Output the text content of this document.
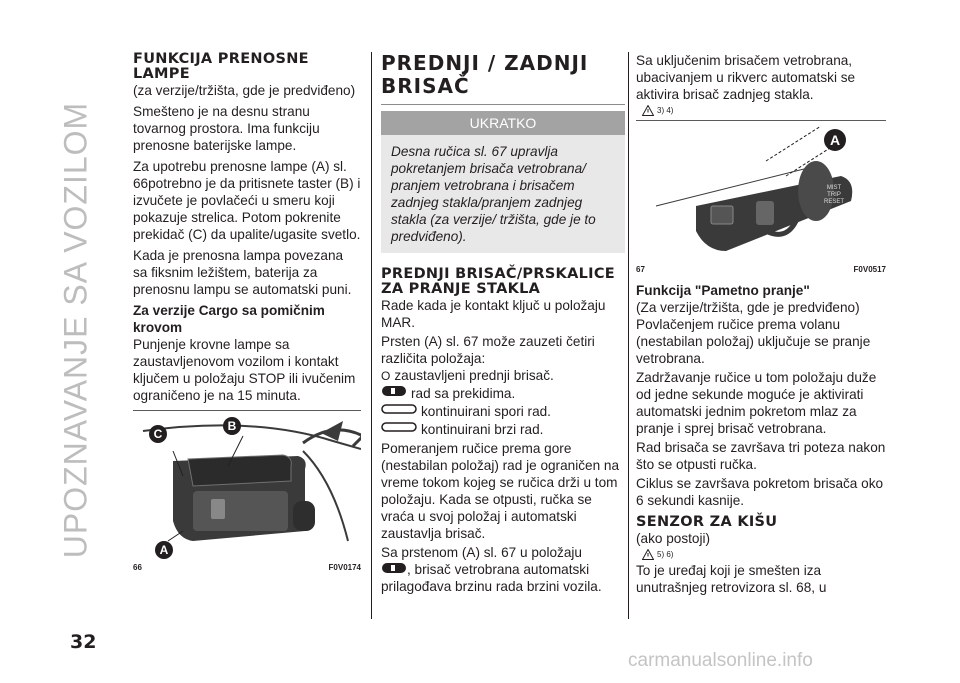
UPOZNAVANJE SA VOZILOM
FUNKCIJA PRENOSNE LAMPE

(za verzije/tržišta, gde je predviđeno)

Smešteno je na desnu stranu tovarnog prostora. Ima funkciju prenosne baterijske lampe.

Za upotrebu prenosne lampe (A) sl. 66potrebno je da pritisnete taster (B) i izvučete je povlačeći u smeru koji pokazuje strelica. Potom pokrenite prekidač (C) da upalite/ugasite svetlo.

Kada je prenosna lampa povezana sa fiksnim ležištem, baterija za prenosnu lampu se automatski puni.

Za verzije Cargo sa pomičnim krovom

Punjenje krovne lampe sa zaustavljenovom vozilom i kontakt ključem u položaju STOP ili ivučenim ograničeno je na 15 minuta.

C
B
A
66	F0V0174
PREDNJI / ZADNJI BRISAČ
UKRATKO

Desna ručica sl. 67 upravlja pokretanjem brisača vetrobrana/ pranjem vetrobrana i brisačem zadnjeg stakla/pranjem zadnjeg stakla (za verzije/ tržišta, gde je to predviđeno).

PREDNJI BRISAČ/PRSKALICE ZA PRANJE STAKLA

Rade kada je kontakt ključ u položaju MAR.

Prsten (A) sl. 67 može zauzeti četiri različita položaja:

O zaustavljeni prednji brisač.

rad sa prekidima.

kontinuirani spori rad.

kontinuirani brzi rad.

Pomeranjem ručice prema gore (nestabilan položaj) rad je ograničen na vreme tokom kojeg se ručica drži u tom položaju. Kada se otpusti, ručka se vraća u svoj položaj i automatski zaustavlja brisač.

Sa prstenom (A) sl. 67 u položaju
, brisač vetrobrana automatski prilagođava brzinu rada brzini vozila.

Sa uključenim brisačem vetrobrana, ubacivanjem u rikverc automatski se aktivira brisač zadnjeg stakla.

3) 4)
A
MIST
TRIP
RESET
67	F0V0517

Funkcija "Pametno pranje"

(Za verzije/tržišta, gde je predviđeno)

Povlačenjem ručice prema volanu (nestabilan položaj) uključuje se pranje vetrobrana.

Zadržavanje ručice u tom položaju duže od jedne sekunde moguće je aktivirati automatski jednim pokretom mlaz za pranje i sprej brisač vetrobrana.

Rad brisača se završava tri poteza nakon što se otpusti ručka.

Ciklus se završava pokretom brisača oko 6 sekundi kasnije.

SENZOR ZA KIŠU

(ako postoji)

5) 6)

To je uređaj koji je smešten iza unutrašnjeg retrovizora sl. 68, u

32
carmanualsonline.info
